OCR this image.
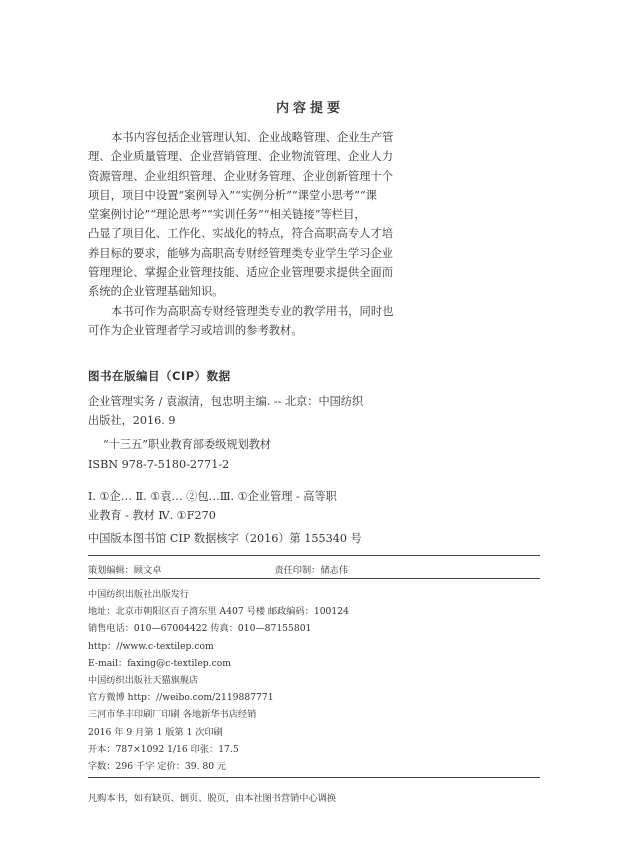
内容提要
本书内容包括企业管理认知、企业战略管理、企业生产管
理、企业质量管理、企业营销管理、企业物流管理、企业人力
资源管理、企业组织管理、企业财务管理、企业创新管理十个
项目，项目中设置“案例导入”“实例分析”“课堂小思考”“课
堂案例讨论”“理论思考”“实训任务”“相关链接”等栏目，
凸显了项目化、工作化、实战化的特点，符合高职高专人才培
养目标的要求，能够为高职高专财经管理类专业学生学习企业
管理理论、掌握企业管理技能、适应企业管理要求提供全面而
系统的企业管理基础知识。
本书可作为高职高专财经管理类专业的教学用书，同时也
可作为企业管理者学习或培训的参考教材。
图书在版编目（CIP）数据
企业管理实务 / 袁淑清，包忠明主编. -- 北京：中国纺织
出版社，2016. 9
“十三五”职业教育部委级规划教材
ISBN 978-7-5180-2771-2
Ⅰ. ①企… Ⅱ. ①袁… ②包…Ⅲ. ①企业管理 - 高等职
业教育 - 教材 Ⅳ. ①F270
中国版本图书馆 CIP 数据核字（2016）第 155340 号
策划编辑：顾文卓	责任印制：储志伟
中国纺织出版社出版发行
地址：北京市朝阳区百子湾东里 A407 号楼 邮政编码：100124
销售电话：010—67004422 传真：010—87155801
http：//www.c-textilep.com
E-mail：faxing@c-textilep.com
中国纺织出版社天猫旗舰店
官方微博 http：//weibo.com/2119887771
三河市华丰印刷厂印刷 各地新华书店经销
2016 年 9 月第 1 版第 1 次印刷
开本：787×1092 1/16 印张：17.5
字数：296 千字 定价：39. 80 元
凡购本书，如有缺页、倒页、脱页，由本社图书营销中心调换
